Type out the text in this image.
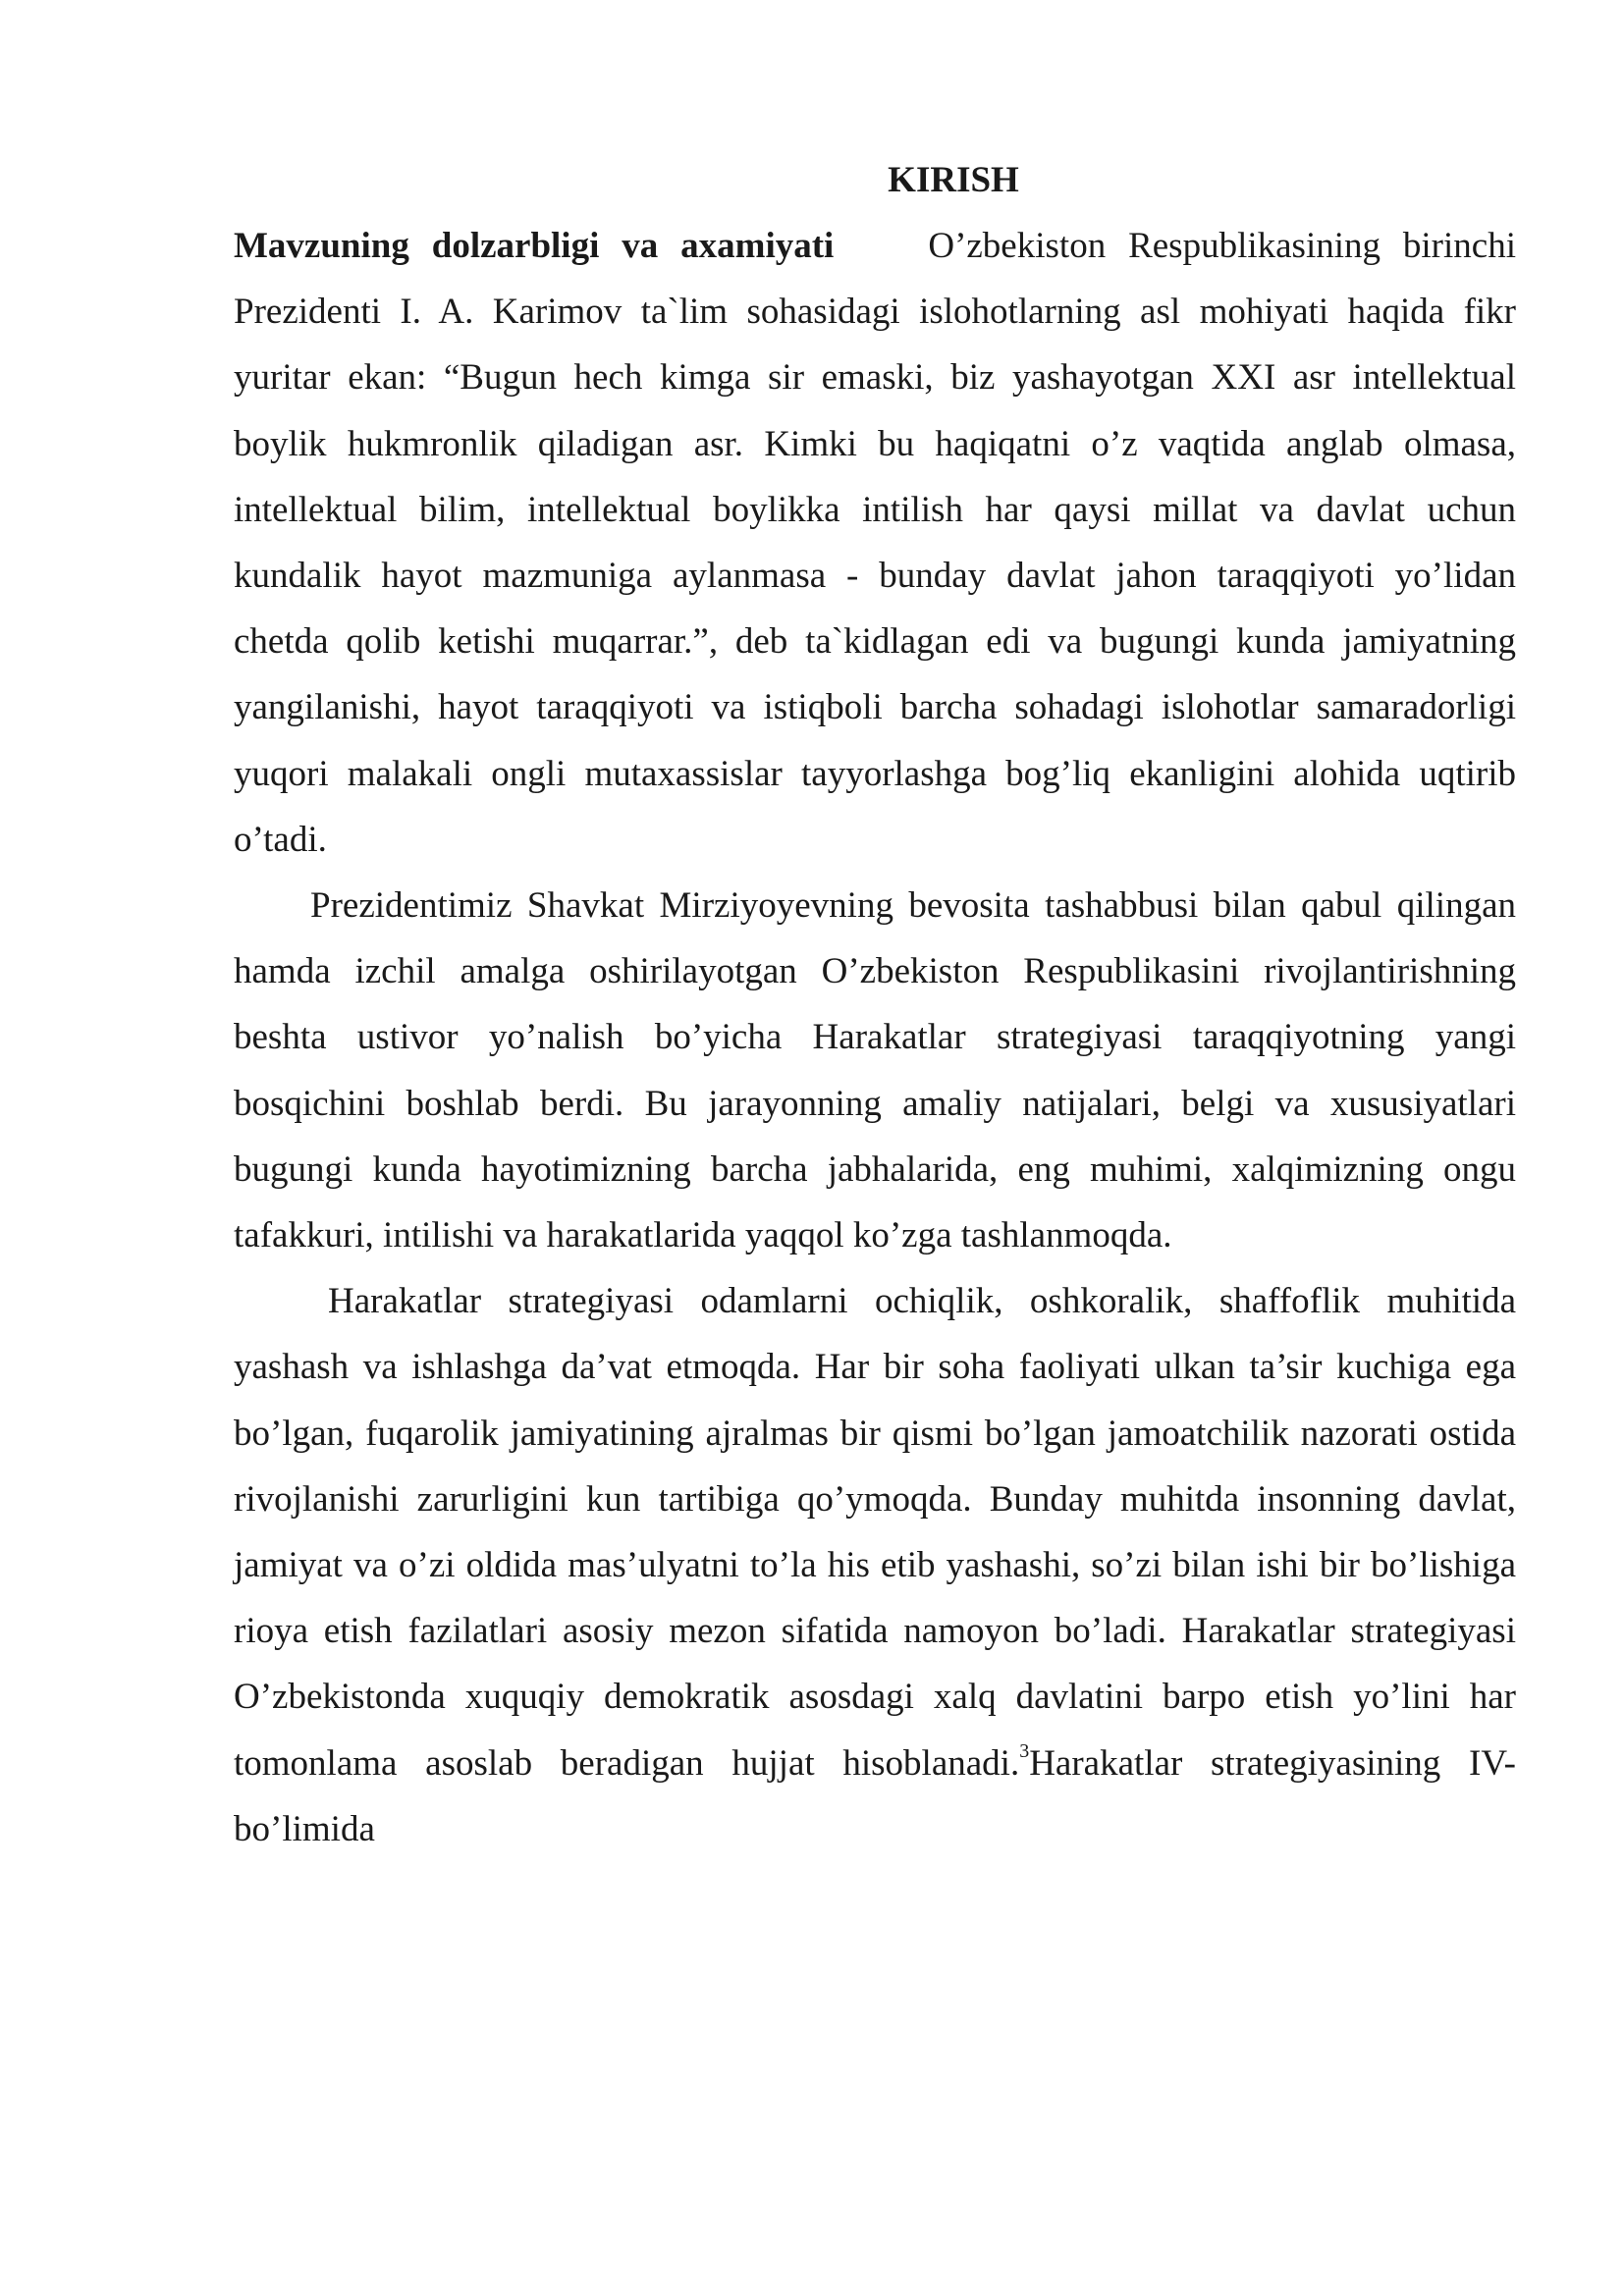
KIRISH

Mavzuning dolzarbligi va axamiyati	O’zbekiston Respublikasining birinchi Prezidenti I. A. Karimov ta`lim sohasidagi islohotlarning asl mohiyati haqida fikr yuritar ekan: “Bugun hech kimga sir emaski, biz yashayotgan XXI asr intellektual boylik hukmronlik qiladigan asr. Kimki bu haqiqatni o’z vaqtida anglab olmasa, intellektual bilim, intellektual boylikka intilish har qaysi millat va davlat uchun kundalik hayot mazmuniga aylanmasa - bunday davlat jahon taraqqiyoti yo’lidan chetda qolib ketishi muqarrar.”, deb ta`kidlagan edi va bugungi kunda jamiyatning yangilanishi, hayot taraqqiyoti va istiqboli barcha sohadagi islohotlar samaradorligi yuqori malakali ongli mutaxassislar tayyorlashga bog’liq ekanligini alohida uqtirib o’tadi.

Prezidentimiz Shavkat Mirziyoyevning bevosita tashabbusi bilan qabul qilingan hamda izchil amalga oshirilayotgan O’zbekiston Respublikasini rivojlantirishning beshta ustivor yo’nalish bo’yicha Harakatlar strategiyasi taraqqiyotning yangi bosqichini boshlab berdi. Bu jarayonning amaliy natijalari, belgi va xususiyatlari bugungi kunda hayotimizning barcha jabhalarida, eng muhimi, xalqimizning ongu tafakkuri, intilishi va harakatlarida yaqqol ko’zga tashlanmoqda.

Harakatlar strategiyasi odamlarni ochiqlik, oshkoralik, shaffoflik muhitida yashash va ishlashga da’vat etmoqda. Har bir soha faoliyati ulkan ta’sir kuchiga ega bo’lgan, fuqarolik jamiyatining ajralmas bir qismi bo’lgan jamoatchilik nazorati ostida rivojlanishi zarurligini kun tartibiga qo’ymoqda. Bunday muhitda insonning davlat, jamiyat va o’zi oldida mas’ulyatni to’la his etib yashashi, so’zi bilan ishi bir bo’lishiga rioya etish fazilatlari asosiy mezon sifatida namoyon bo’ladi. Harakatlar strategiyasi O’zbekistonda xuquqiy demokratik asosdagi xalq davlatini barpo etish yo’lini har tomonlama asoslab beradigan hujjat hisoblanadi.$^3$Harakatlar strategiyasining IV- bo’limida
